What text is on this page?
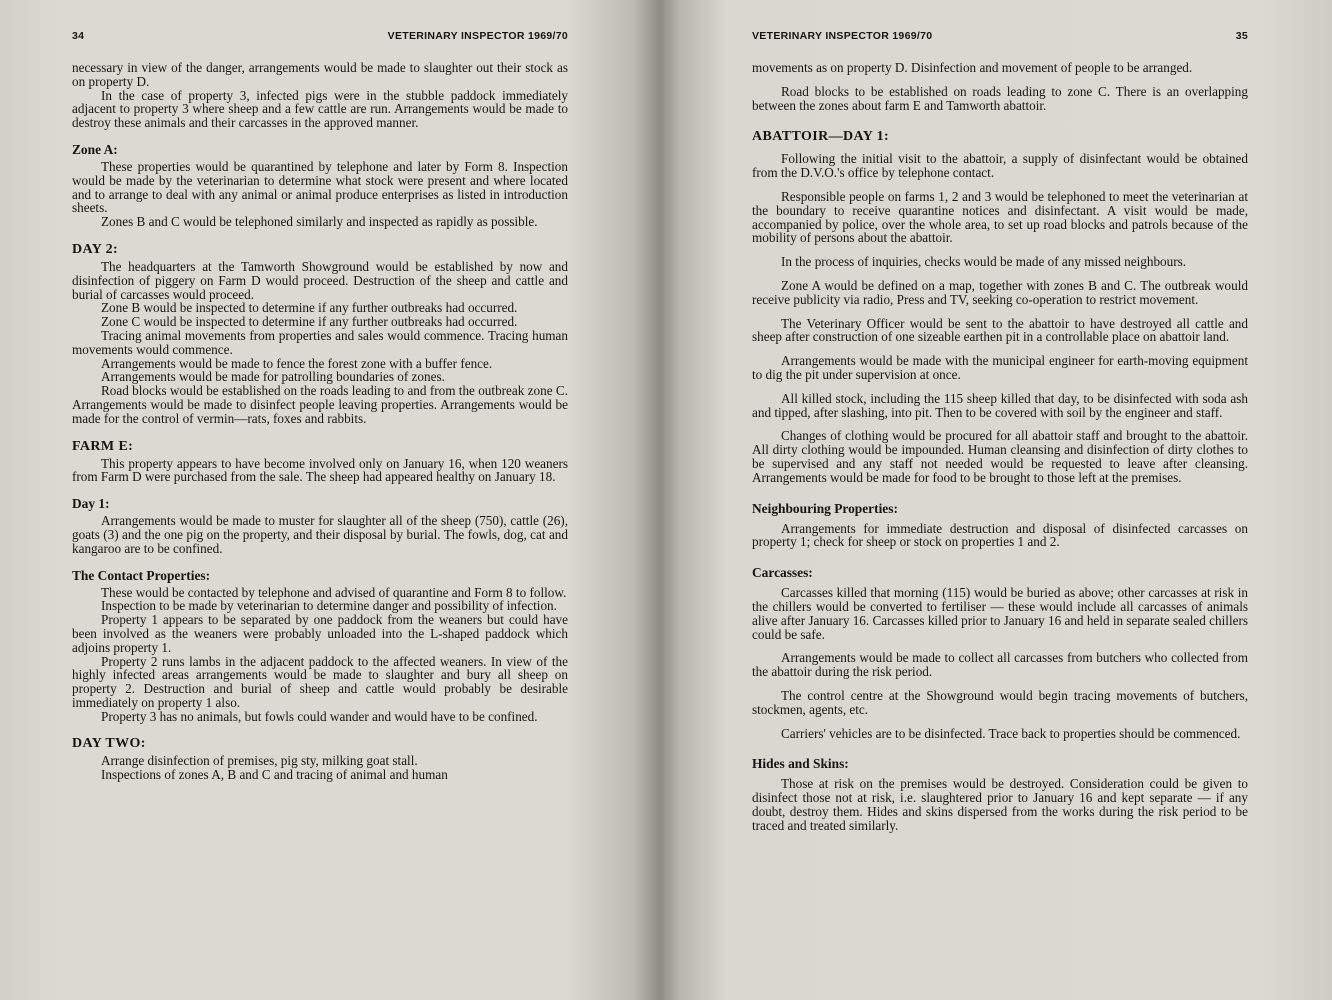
34	VETERINARY INSPECTOR 1969/70

necessary in view of the danger, arrangements would be made to slaughter out their stock as on property D.

In the case of property 3, infected pigs were in the stubble paddock immediately adjacent to property 3 where sheep and a few cattle are run. Arrangements would be made to destroy these animals and their carcasses in the approved manner.

Zone A:

These properties would be quarantined by telephone and later by Form 8. Inspection would be made by the veterinarian to determine what stock were present and where located and to arrange to deal with any animal or animal produce enterprises as listed in introduction sheets.

Zones B and C would be telephoned similarly and inspected as rapidly as possible.

DAY 2:

The headquarters at the Tamworth Showground would be established by now and disinfection of piggery on Farm D would proceed. Destruction of the sheep and cattle and burial of carcasses would proceed.

Zone B would be inspected to determine if any further outbreaks had occurred.

Zone C would be inspected to determine if any further outbreaks had occurred.

Tracing animal movements from properties and sales would commence. Tracing human movements would commence.

Arrangements would be made to fence the forest zone with a buffer fence.

Arrangements would be made for patrolling boundaries of zones.

Road blocks would be established on the roads leading to and from the outbreak zone C. Arrangements would be made to disinfect people leaving properties. Arrangements would be made for the control of vermin—rats, foxes and rabbits.

FARM E:

This property appears to have become involved only on January 16, when 120 weaners from Farm D were purchased from the sale. The sheep had appeared healthy on January 18.

Day 1:

Arrangements would be made to muster for slaughter all of the sheep (750), cattle (26), goats (3) and the one pig on the property, and their disposal by burial. The fowls, dog, cat and kangaroo are to be confined.

The Contact Properties:

These would be contacted by telephone and advised of quarantine and Form 8 to follow.

Inspection to be made by veterinarian to determine danger and possibility of infection.

Property 1 appears to be separated by one paddock from the weaners but could have been involved as the weaners were probably unloaded into the L-shaped paddock which adjoins property 1.

Property 2 runs lambs in the adjacent paddock to the affected weaners. In view of the highly infected areas arrangements would be made to slaughter and bury all sheep on property 2. Destruction and burial of sheep and cattle would probably be desirable immediately on property 1 also.

Property 3 has no animals, but fowls could wander and would have to be confined.

DAY TWO:

Arrange disinfection of premises, pig sty, milking goat stall.

Inspections of zones A, B and C and tracing of animal and human

VETERINARY INSPECTOR 1969/70	35

movements as on property D. Disinfection and movement of people to be arranged.

Road blocks to be established on roads leading to zone C. There is an overlapping between the zones about farm E and Tamworth abattoir.

ABATTOIR—DAY 1:

Following the initial visit to the abattoir, a supply of disinfectant would be obtained from the D.V.O.'s office by telephone contact.

Responsible people on farms 1, 2 and 3 would be telephoned to meet the veterinarian at the boundary to receive quarantine notices and disinfectant. A visit would be made, accompanied by police, over the whole area, to set up road blocks and patrols because of the mobility of persons about the abattoir.

In the process of inquiries, checks would be made of any missed neighbours.

Zone A would be defined on a map, together with zones B and C. The outbreak would receive publicity via radio, Press and TV, seeking co-operation to restrict movement.

The Veterinary Officer would be sent to the abattoir to have destroyed all cattle and sheep after construction of one sizeable earthen pit in a controllable place on abattoir land.

Arrangements would be made with the municipal engineer for earth-moving equipment to dig the pit under supervision at once.

All killed stock, including the 115 sheep killed that day, to be disinfected with soda ash and tipped, after slashing, into pit. Then to be covered with soil by the engineer and staff.

Changes of clothing would be procured for all abattoir staff and brought to the abattoir. All dirty clothing would be impounded. Human cleansing and disinfection of dirty clothes to be supervised and any staff not needed would be requested to leave after cleansing. Arrangements would be made for food to be brought to those left at the premises.

Neighbouring Properties:

Arrangements for immediate destruction and disposal of disinfected carcasses on property 1; check for sheep or stock on properties 1 and 2.

Carcasses:

Carcasses killed that morning (115) would be buried as above; other carcasses at risk in the chillers would be converted to fertiliser — these would include all carcasses of animals alive after January 16. Carcasses killed prior to January 16 and held in separate sealed chillers could be safe.

Arrangements would be made to collect all carcasses from butchers who collected from the abattoir during the risk period.

The control centre at the Showground would begin tracing movements of butchers, stockmen, agents, etc.

Carriers' vehicles are to be disinfected. Trace back to properties should be commenced.

Hides and Skins:

Those at risk on the premises would be destroyed. Consideration could be given to disinfect those not at risk, i.e. slaughtered prior to January 16 and kept separate — if any doubt, destroy them. Hides and skins dispersed from the works during the risk period to be traced and treated similarly.
